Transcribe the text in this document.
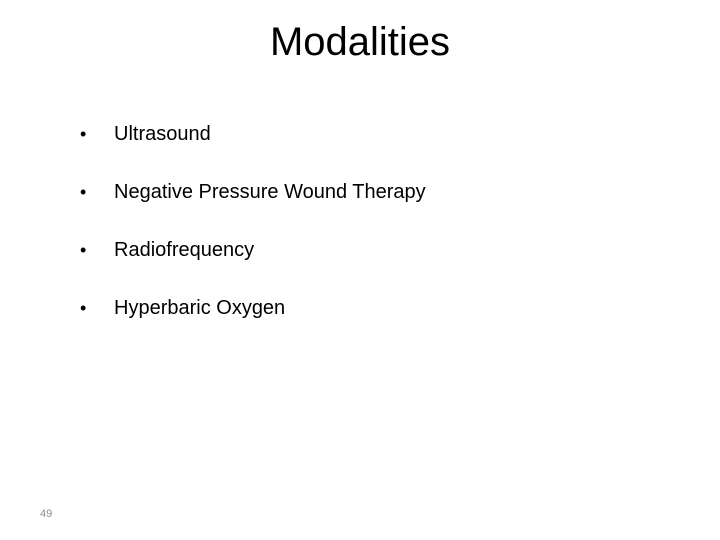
Modalities
•	Ultrasound
•	Negative Pressure Wound Therapy
•	Radiofrequency
•	Hyperbaric Oxygen
49
